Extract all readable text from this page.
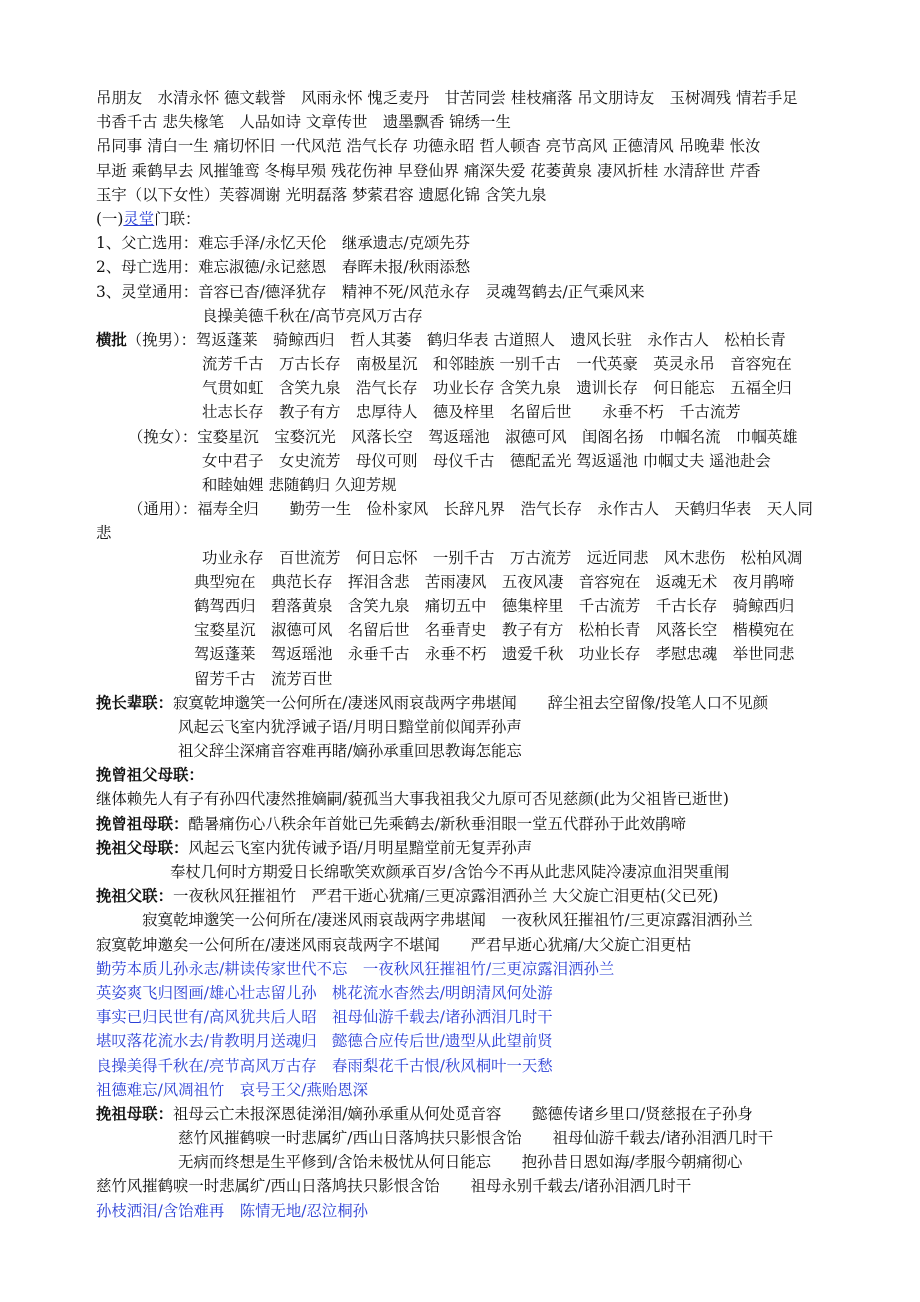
吊朋友　水清永怀 德文载誉　风雨永怀 愧乏麦丹　甘苦同尝 桂枝痛落 吊文朋诗友　玉树凋残 情若手足
书香千古 悲失椽笔　人品如诗 文章传世　遗墨飘香 锦绣一生
吊同事 清白一生 痛切怀旧 一代风范 浩气长存 功德永昭 哲人顿杳 亮节高风 正德清风 吊晚辈 怅汝
早逝 乘鹤早去 风摧雏鸾 冬梅早殒 残花伤神 早登仙界 痛深失爱 花萎黄泉 凄风折桂 水清辞世 芹香
玉宇（以下女性）芙蓉凋谢 光明磊落 梦萦君容 遗愿化锦 含笑九泉
(一)灵堂门联：
1、父亡选用：难忘手泽/永忆天伦　继承遗志/克颂先芬
2、母亡选用：难忘淑德/永记慈恩　春晖未报/秋雨添愁
3、灵堂通用：音容已杳/德泽犹存　精神不死/风范永存　灵魂驾鹤去/正气乘风来
良操美德千秋在/高节亮风万古存
横批（挽男）：驾返蓬莱　骑鲸西归　哲人其萎　鹤归华表 古道照人　遗风长驻　永作古人　松柏长青
流芳千古　万古长存　南极星沉　和邻睦族 一别千古　一代英豪　英灵永吊　音容宛在
气贯如虹　含笑九泉　浩气长存　功业长存 含笑九泉　遗训长存　何日能忘　五福全归
壮志长存　教子有方　忠厚待人　德及梓里　名留后世　　永垂不朽　千古流芳
（挽女）：宝婺星沉　宝婺沉光　风落长空　驾返瑶池　淑德可风　闺阁名扬　巾帼名流　巾帼英雄
女中君子　女史流芳　母仪可则　母仪千古　德配孟光 驾返遥池 巾帼丈夫 遥池赴会
和睦妯娌 悲随鹤归 久迎芳规
（通用）：福寿全归　　勤劳一生　俭朴家风　长辞凡界　浩气长存　永作古人　天鹤归华表　天人同
悲
功业永存　百世流芳　何日忘怀　一别千古　万古流芳　远近同悲　风木悲伤　松柏风凋
典型宛在　典范长存　挥泪含悲　苦雨凄风　五夜风凄　音容宛在　返魂无术　夜月鹃啼
鹤驾西归　碧落黄泉　含笑九泉　痛切五中　德集梓里　千古流芳　千古长存　骑鲸西归
宝婺星沉　淑德可风　名留后世　名垂青史　教子有方　松柏长青　风落长空　楷模宛在
驾返蓬莱　驾返瑶池　永垂千古　永垂不朽　遗爱千秋　功业长存　孝慰忠魂　举世同悲
留芳千古　流芳百世
挽长辈联：寂寞乾坤邈笑一公何所在/凄迷风雨哀哉两字弗堪闻　　辞尘祖去空留像/投笔人口不见颜
风起云飞室内犹浮诫子语/月明日黯堂前似闻弄孙声
祖父辞尘深痛音容难再睹/嫡孙承重回思教诲怎能忘
挽曾祖父母联：
继体赖先人有子有孙四代凄然推嫡嗣/藐孤当大事我祖我父九原可否见慈颜(此为父祖皆已逝世)
挽曾祖母联：酷暑痛伤心八秩余年首妣已先乘鹤去/新秋垂泪眼一堂五代群孙于此效鹃啼
挽祖父母联：风起云飞室内犹传诫予语/月明星黯堂前无复弄孙声
奉杖几何时方期爱日长绵歌笑欢颜承百岁/含饴今不再从此悲风陡冷凄凉血泪哭重闱
挽祖父联：一夜秋风狂摧祖竹　严君干逝心犹痛/三更凉露泪洒孙兰 大父旋亡泪更枯(父已死)
　　　寂寞乾坤邈笑一公何所在/凄迷风雨哀哉两字弗堪闻　一夜秋风狂摧祖竹/三更凉露泪洒孙兰
寂寞乾坤邀矣一公何所在/凄迷风雨哀哉两字不堪闻　　严君早逝心犹痛/大父旋亡泪更枯
勤劳本质儿孙永志/耕读传家世代不忘　一夜秋风狂摧祖竹/三更凉露泪洒孙兰
英姿爽飞归图画/雄心壮志留儿孙　桃花流水杳然去/明朗清风何处游
事实已归民世有/高风犹共后人昭　祖母仙游千载去/诸孙洒泪几时干
堪叹落花流水去/肯教明月送魂归　懿德合应传后世/遗型从此望前贤
良操美得千秋在/亮节高风万古存　春雨梨花千古恨/秋风桐叶一天愁
祖德难忘/风凋祖竹　哀号王父/燕贻恩深
挽祖母联：祖母云亡未报深恩徒涕泪/嫡孙承重从何处觅音容　　懿德传诸乡里口/贤慈报在子孙身
慈竹风摧鹤唳一时悲属纩/西山日落鸠扶只影恨含饴　　祖母仙游千载去/诸孙泪洒几时干
无病而终想是生平修到/含饴未极忧从何日能忘　　抱孙昔日恩如海/孝服今朝痛彻心
慈竹风摧鹤唳一时悲属纩/西山日落鸠扶只影恨含饴　　祖母永别千载去/诸孙泪洒几时干
孙枝洒泪/含饴难再　陈情无地/忍泣桐孙
